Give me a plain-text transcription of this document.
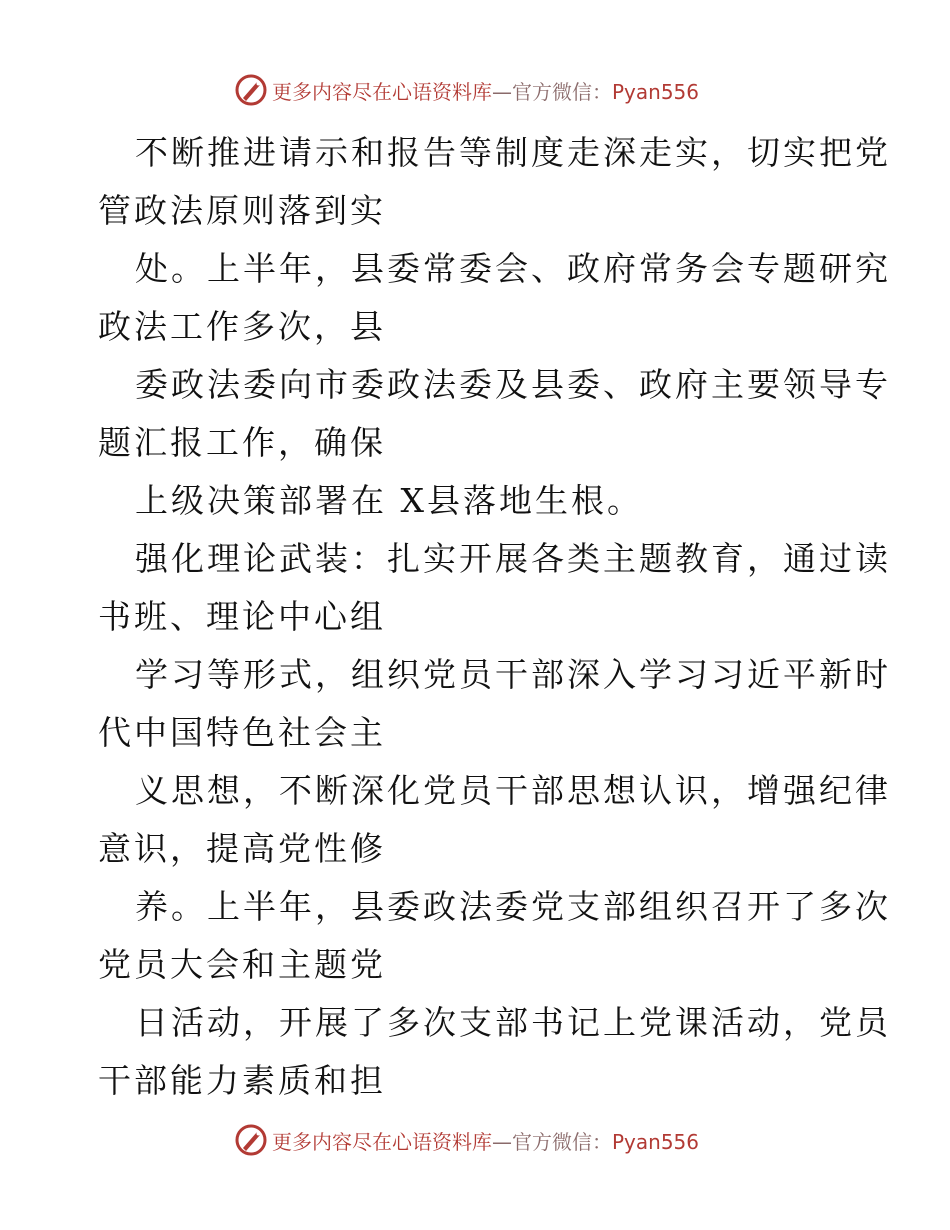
更多内容尽在心语资料库—官方微信：Pyan556
不断推进请示和报告等制度走深走实，切实把党
管政法原则落到实
处。上半年，县委常委会、政府常务会专题研究
政法工作多次，县
委政法委向市委政法委及县委、政府主要领导专
题汇报工作，确保
上级决策部署在 X县落地生根。
强化理论武装：扎实开展各类主题教育，通过读
书班、理论中心组
学习等形式，组织党员干部深入学习习近平新时
代中国特色社会主
义思想，不断深化党员干部思想认识，增强纪律
意识，提高党性修
养。上半年，县委政法委党支部组织召开了多次
党员大会和主题党
日活动，开展了多次支部书记上党课活动，党员
干部能力素质和担
更多内容尽在心语资料库—官方微信：Pyan556
